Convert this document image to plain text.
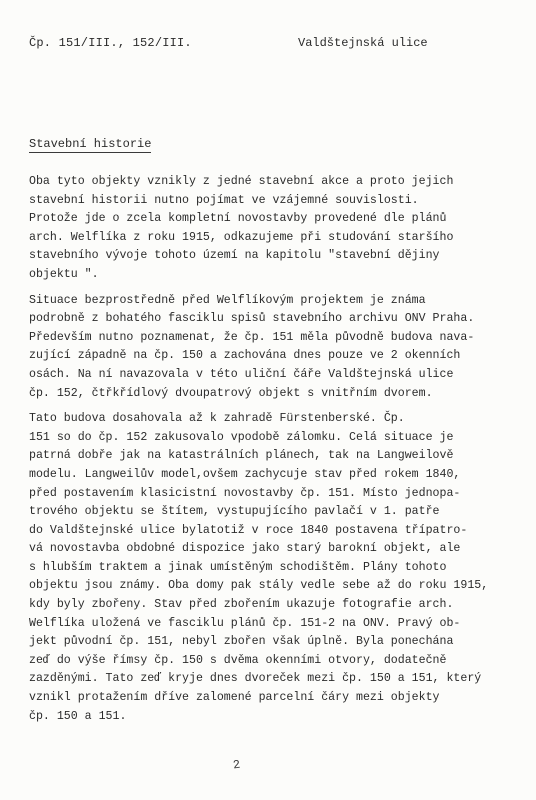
Čp. 151/III., 152/III.	Valdštejnská ulice
Stavební historie
Oba tyto objekty vznikly z jedné stavební akce a proto jejich
stavební historii nutno pojímat ve vzájemné souvislosti.
Protože jde o zcela kompletní novostavby provedené dle plánů
arch. Welflíka z roku 1915, odkazujeme při studování staršího
stavebního vývoje tohoto území na kapitolu "stavební dějiny
objektu ".
Situace bezprostředně před Welflíkovým projektem je známa
podrobně z bohatého fasciklu spisů stavebního archivu ONV Praha.
Především nutno poznamenat, že čp. 151 měla původně budova nava-
zující západně na čp. 150 a zachována dnes pouze ve 2 okenních
osách. Na ní navazovala v této uliční čáře Valdštejnská ulice
čp. 152, čtřkřídlový dvoupatrový objekt s vnitřním dvorem.
Tato budova dosahovala až k zahradě Fürstenberské. Čp.
151 so do čp. 152 zakusovalo vpodobě zálomku. Celá situace je
patrná dobře jak na katastrálních plánech, tak na Langweilově
modelu. Langweilův model,ovšem zachycuje stav před rokem 1840,
před postavením klasicistní novostavby čp. 151. Místo jednopa-
trového objektu se štítem, vystupujícího pavlačí v 1. patře
do Valdštejnské ulice bylatotiž v roce 1840 postavena třípatro-
vá novostavba obdobné dispozice jako starý barokní objekt, ale
s hlubším traktem a jinak umístěným schodištěm. Plány tohoto
objektu jsou známy. Oba domy pak stály vedle sebe až do roku 1915,
kdy byly zbořeny. Stav před zbořením ukazuje fotografie arch.
Welflíka uložená ve fasciklu plánů čp. 151-2 na ONV. Pravý ob-
jekt původní čp. 151, nebyl zbořen však úplně. Byla ponechána
zeď do výše římsy čp. 150 s dvěma okenními otvory, dodatečně
zazděnými. Tato zeď kryje dnes dvoreček mezi čp. 150 a 151, který
vznikl protažením dříve zalomené parcelní čáry mezi objekty
čp. 150 a 151.
2
